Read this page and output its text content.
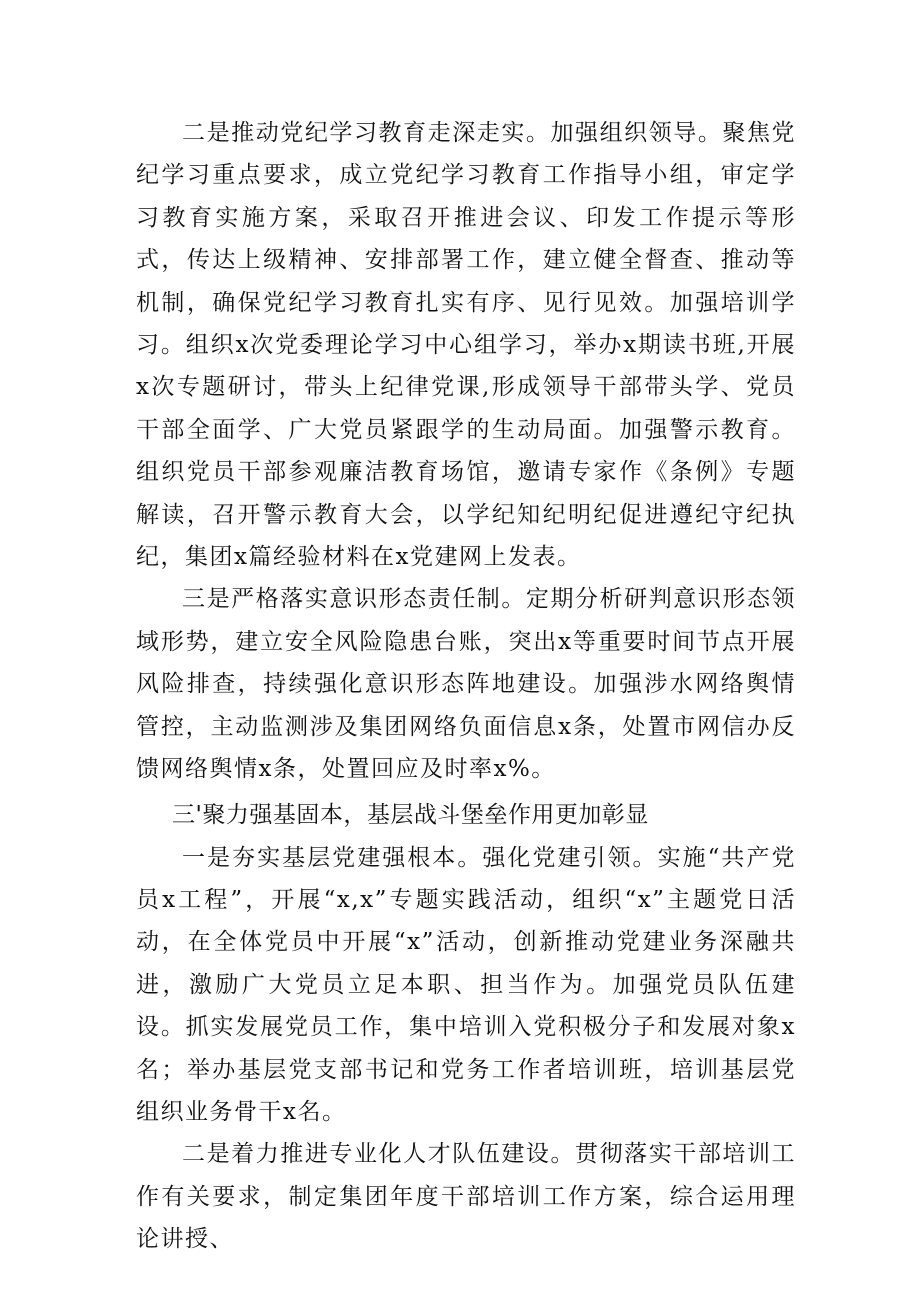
二是推动党纪学习教育走深走实。加强组织领导。聚焦党纪学习重点要求，成立党纪学习教育工作指导小组，审定学习教育实施方案，采取召开推进会议、印发工作提示等形式，传达上级精神、安排部署工作，建立健全督查、推动等机制，确保党纪学习教育扎实有序、见行见效。加强培训学习。组织x次党委理论学习中心组学习，举办x期读书班,开展x次专题研讨，带头上纪律党课,形成领导干部带头学、党员干部全面学、广大党员紧跟学的生动局面。加强警示教育。组织党员干部参观廉洁教育场馆，邀请专家作《条例》专题解读，召开警示教育大会，以学纪知纪明纪促进遵纪守纪执纪，集团x篇经验材料在x党建网上发表。

三是严格落实意识形态责任制。定期分析研判意识形态领域形势，建立安全风险隐患台账，突出x等重要时间节点开展风险排查，持续强化意识形态阵地建设。加强涉水网络舆情管控，主动监测涉及集团网络负面信息x条，处置市网信办反馈网络舆情x条，处置回应及时率x%。

三'聚力强基固本，基层战斗堡垒作用更加彰显

一是夯实基层党建强根本。强化党建引领。实施“共产党员x工程”，开展“x,x”专题实践活动，组织“x”主题党日活动，在全体党员中开展“x”活动，创新推动党建业务深融共进，激励广大党员立足本职、担当作为。加强党员队伍建设。抓实发展党员工作，集中培训入党积极分子和发展对象x名；举办基层党支部书记和党务工作者培训班，培训基层党组织业务骨干x名。

二是着力推进专业化人才队伍建设。贯彻落实干部培训工作有关要求，制定集团年度干部培训工作方案，综合运用理论讲授、
